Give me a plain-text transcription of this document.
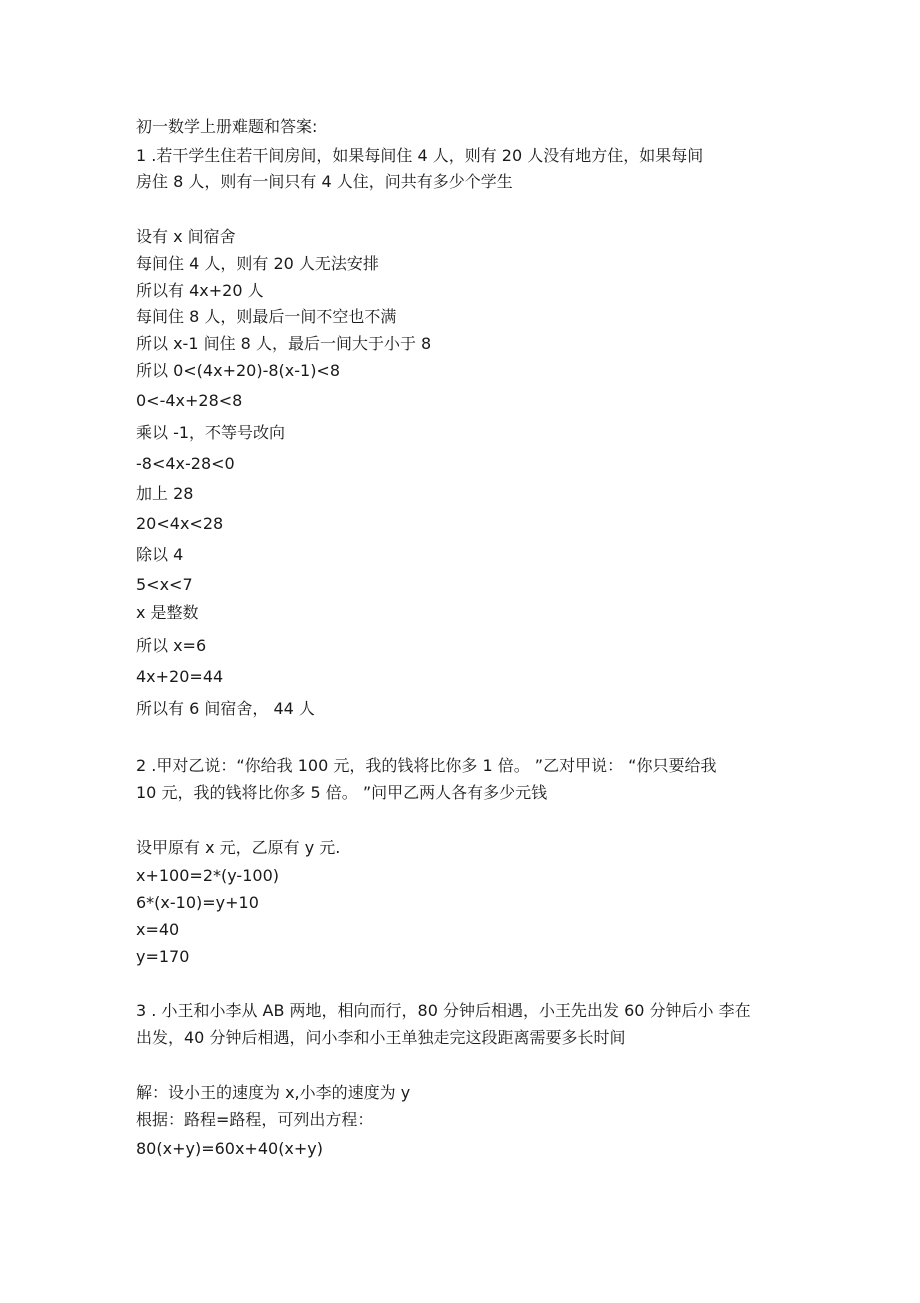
初一数学上册难题和答案:
1 .若干学生住若干间房间，如果每间住 4 人，则有 20 人没有地方住，如果每间
房住 8 人，则有一间只有 4 人住，问共有多少个学生
设有 x 间宿舍
每间住 4 人，则有 20 人无法安排
所以有 4x+20 人
每间住 8 人，则最后一间不空也不满
所以 x-1 间住 8 人，最后一间大于小于 8
所以 0<(4x+20)-8(x-1)<8
0<-4x+28<8
乘以 -1，不等号改向
-8<4x-28<0
加上 28
20<4x<28
除以 4
5<x<7
x 是整数
所以 x=6
4x+20=44
所以有 6 间宿舍， 44 人
2 .甲对乙说：“你给我 100 元，我的钱将比你多 1 倍。 ”乙对甲说： “你只要给我
10 元，我的钱将比你多 5 倍。 ”问甲乙两人各有多少元钱
设甲原有 x 元，乙原有 y 元.
x+100=2*(y-100)
6*(x-10)=y+10
x=40
y=170
3 . 小王和小李从 AB 两地，相向而行，80 分钟后相遇，小王先出发 60 分钟后小 李在
出发，40 分钟后相遇，问小李和小王单独走完这段距离需要多长时间
解：设小王的速度为 x,小李的速度为 y
根据：路程=路程，可列出方程：
80(x+y)=60x+40(x+y)
